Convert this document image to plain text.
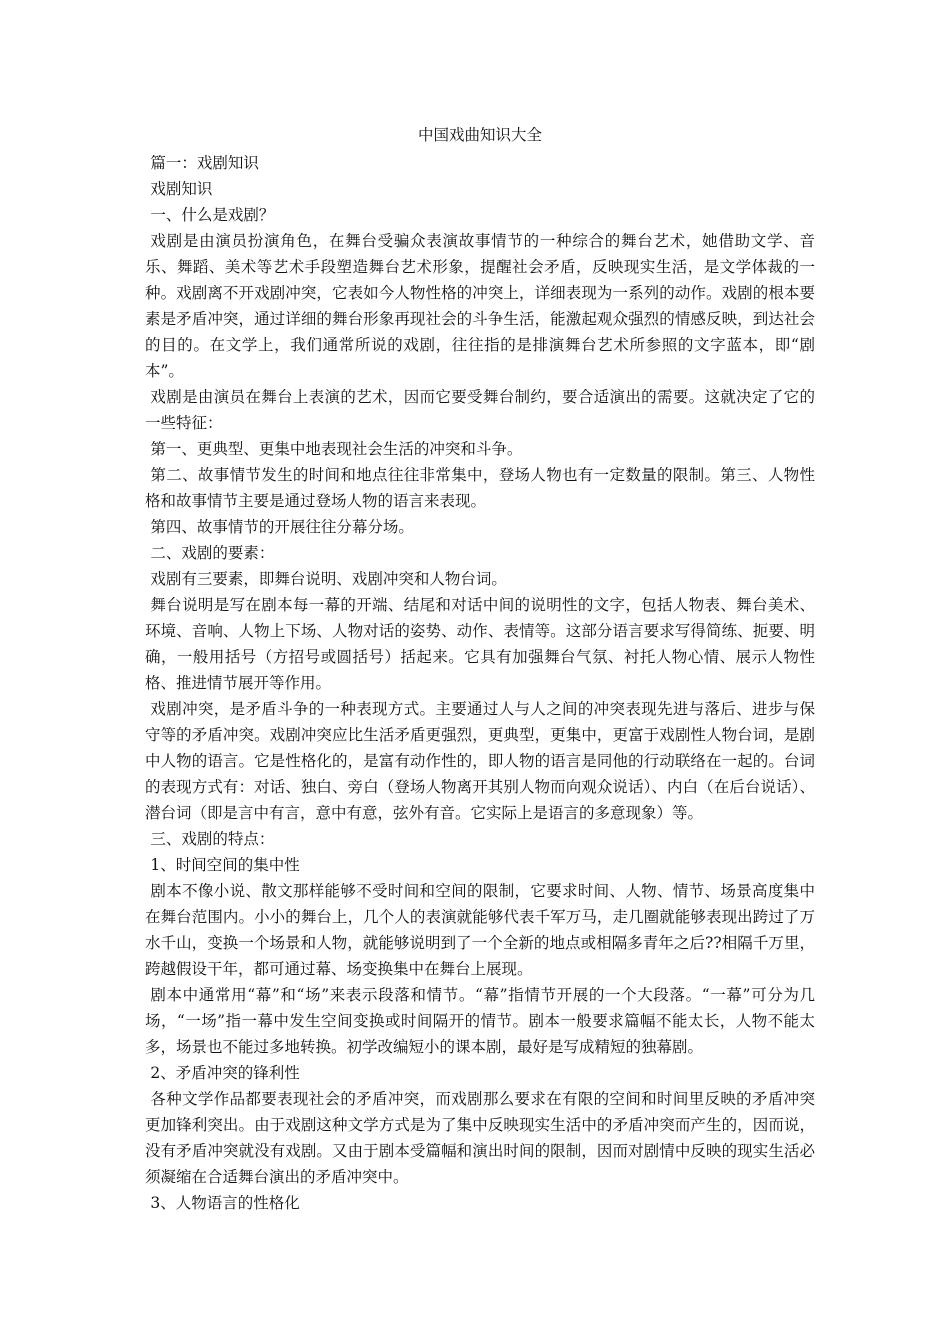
中国戏曲知识大全

篇一：戏剧知识

戏剧知识

一、什么是戏剧？

戏剧是由演员扮演角色，在舞台受骗众表演故事情节的一种综合的舞台艺术，她借助文学、音乐、舞蹈、美术等艺术手段塑造舞台艺术形象，提醒社会矛盾，反映现实生活，是文学体裁的一种。戏剧离不开戏剧冲突，它表如今人物性格的冲突上，详细表现为一系列的动作。戏剧的根本要素是矛盾冲突，通过详细的舞台形象再现社会的斗争生活，能激起观众强烈的情感反映，到达社会的目的。在文学上，我们通常所说的戏剧，往往指的是排演舞台艺术所参照的文字蓝本，即“剧本”。

戏剧是由演员在舞台上表演的艺术，因而它要受舞台制约，要合适演出的需要。这就决定了它的一些特征：

第一、更典型、更集中地表现社会生活的冲突和斗争。

第二、故事情节发生的时间和地点往往非常集中，登场人物也有一定数量的限制。第三、人物性格和故事情节主要是通过登场人物的语言来表现。

第四、故事情节的开展往往分幕分场。

二、戏剧的要素：

戏剧有三要素，即舞台说明、戏剧冲突和人物台词。

舞台说明是写在剧本每一幕的开端、结尾和对话中间的说明性的文字，包括人物表、舞台美术、环境、音响、人物上下场、人物对话的姿势、动作、表情等。这部分语言要求写得简练、扼要、明确，一般用括号（方招号或圆括号）括起来。它具有加强舞台气氛、衬托人物心情、展示人物性格、推进情节展开等作用。

戏剧冲突，是矛盾斗争的一种表现方式。主要通过人与人之间的冲突表现先进与落后、进步与保守等的矛盾冲突。戏剧冲突应比生活矛盾更强烈，更典型，更集中，更富于戏剧性人物台词，是剧中人物的语言。它是性格化的，是富有动作性的，即人物的语言是同他的行动联络在一起的。台词的表现方式有：对话、独白、旁白（登场人物离开其别人物而向观众说话）、内白（在后台说话）、潜台词（即是言中有言，意中有意，弦外有音。它实际上是语言的多意现象）等。

三、戏剧的特点：

1、时间空间的集中性

剧本不像小说、散文那样能够不受时间和空间的限制，它要求时间、人物、情节、场景高度集中在舞台范围内。小小的舞台上，几个人的表演就能够代表千军万马，走几圈就能够表现出跨过了万水千山，变换一个场景和人物，就能够说明到了一个全新的地点或相隔多青年之后??相隔千万里，跨越假设干年，都可通过幕、场变换集中在舞台上展现。

剧本中通常用“幕”和“场”来表示段落和情节。“幕”指情节开展的一个大段落。“一幕”可分为几场，“一场”指一幕中发生空间变换或时间隔开的情节。剧本一般要求篇幅不能太长，人物不能太多，场景也不能过多地转换。初学改编短小的课本剧，最好是写成精短的独幕剧。

2、矛盾冲突的锋利性

各种文学作品都要表现社会的矛盾冲突，而戏剧那么要求在有限的空间和时间里反映的矛盾冲突更加锋利突出。由于戏剧这种文学方式是为了集中反映现实生活中的矛盾冲突而产生的，因而说，没有矛盾冲突就没有戏剧。又由于剧本受篇幅和演出时间的限制，因而对剧情中反映的现实生活必须凝缩在合适舞台演出的矛盾冲突中。

3、人物语言的性格化
